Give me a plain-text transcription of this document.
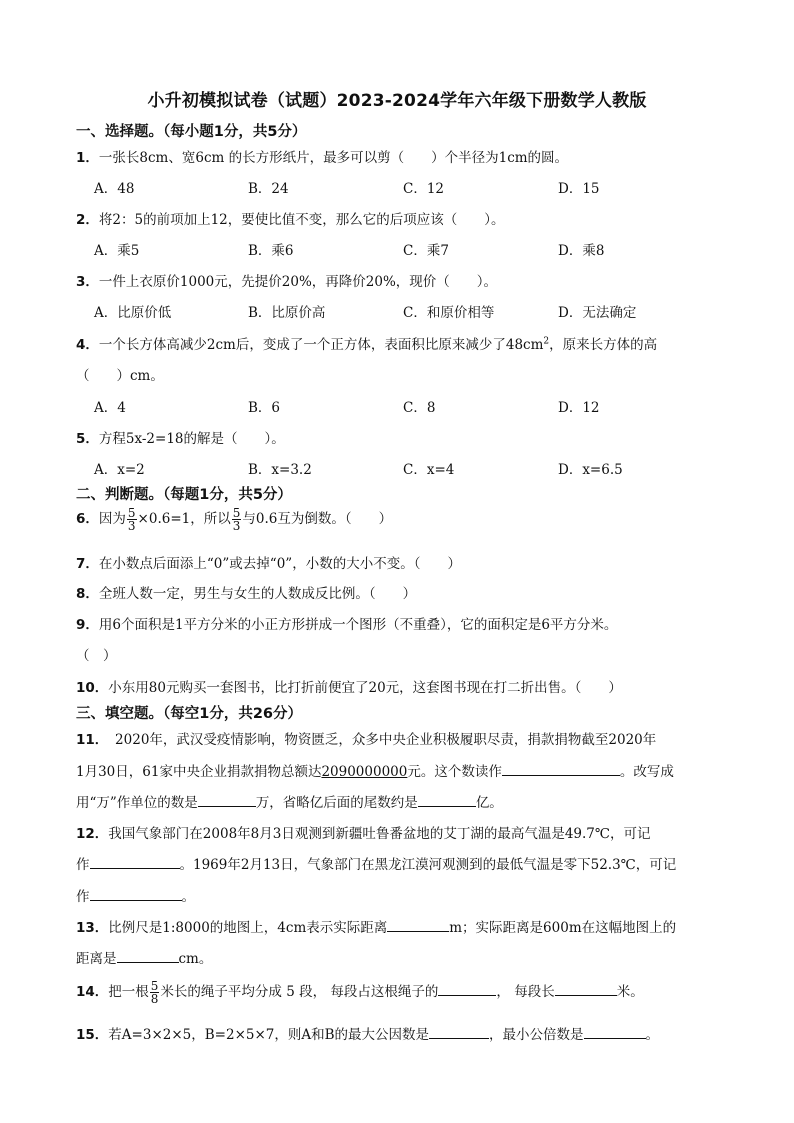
小升初模拟试卷（试题）2023-2024学年六年级下册数学人教版
一、选择题。（每小题1分，共5分）
1．一张长8cm、宽6cm 的长方形纸片，最多可以剪（　　）个半径为1cm的圆。
A．48	B．24	C．12	D．15
2．将2：5的前项加上12，要使比值不变，那么它的后项应该（　　）。
A．乘5	B．乘6	C．乘7	D．乘8
3．一件上衣原价1000元，先提价20%，再降价20%，现价（　　）。
A．比原价低	B．比原价高	C．和原价相等	D．无法确定
4．一个长方体高减少2cm后，变成了一个正方体，表面积比原来减少了$48cm^2$，原来长方体的高
（　　）cm。
A．4	B．6	C．8	D．12
5．方程5x-2=18的解是（　　）。
A．x=2	B．x=3.2	C．x=4	D．x=6.5
二、判断题。（每题1分，共5分）
6．因为 $\frac{5}{3} \times 0.6=1$，所以 $\frac{5}{3}$ 与0.6互为倒数。（　　）
7．在小数点后面添上“0”或去掉“0”，小数的大小不变。（　　）
8．全班人数一定，男生与女生的人数成反比例。（　　）
9．用6个面积是1平方分米的小正方形拼成一个图形（不重叠），它的面积定是6平方分米。
（　）
10．小东用80元购买一套图书，比打折前便宜了20元，这套图书现在打二折出售。（　　）
三、填空题。（每空1分，共26分）
11．　2020年，武汉受疫情影响，物资匮乏，众多中央企业积极履职尽责，捐款捐物截至2020年
1月30日，61家中央企业捐款捐物总额达2090000000元。这个数读作	。改写成
用“万”作单位的数是	万，省略亿后面的尾数约是	亿。
12．我国气象部门在2008年8月3日观测到新疆吐鲁番盆地的艾丁湖的最高气温是49.7℃，可记
作	。1969年2月13日，气象部门在黑龙江漠河观测到的最低气温是零下52.3℃，可记
作	。
13．比例尺是1:8000的地图上，4cm表示实际距离	m；实际距离是600m在这幅地图上的
距离是	cm。
14．把一根 $\frac{5}{8}$ 米长的绳子平均分成 5 段， 每段占这根绳子的	， 每段长	米。
15．若A=3×2×5，B=2×5×7，则A和B的最大公因数是	，最小公倍数是	。
